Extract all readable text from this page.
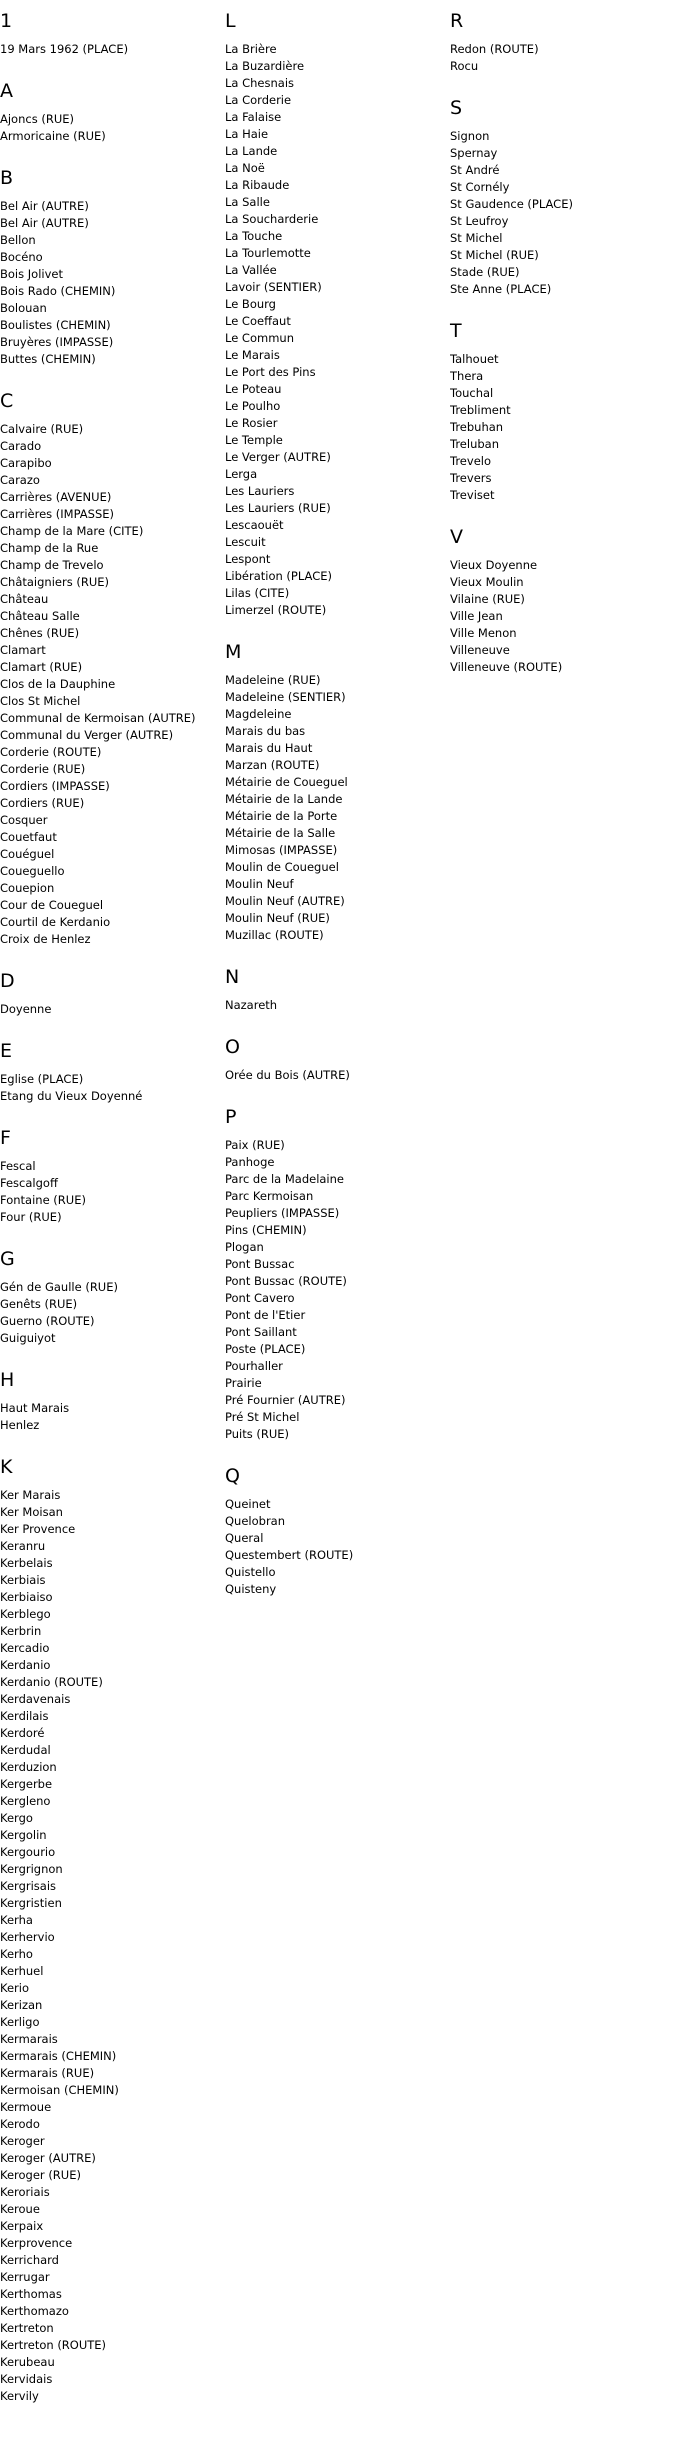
1
19 Mars 1962 (PLACE)
A
Ajoncs (RUE)
Armoricaine (RUE)
B
Bel Air (AUTRE)
Bel Air (AUTRE)
Bellon
Bocéno
Bois Jolivet
Bois Rado (CHEMIN)
Bolouan
Boulistes (CHEMIN)
Bruyères (IMPASSE)
Buttes (CHEMIN)
C
Calvaire (RUE)
Carado
Carapibo
Carazo
Carrières (AVENUE)
Carrières (IMPASSE)
Champ de la Mare (CITE)
Champ de la Rue
Champ de Trevelo
Châtaigniers (RUE)
Château
Château Salle
Chênes (RUE)
Clamart
Clamart (RUE)
Clos de la Dauphine
Clos St Michel
Communal de Kermoisan (AUTRE)
Communal du Verger (AUTRE)
Corderie (ROUTE)
Corderie (RUE)
Cordiers (IMPASSE)
Cordiers (RUE)
Cosquer
Couetfaut
Couéguel
Coueguello
Couepion
Cour de Coueguel
Courtil de Kerdanio
Croix de Henlez
D
Doyenne
E
Eglise (PLACE)
Etang du Vieux Doyenné
F
Fescal
Fescalgoff
Fontaine (RUE)
Four (RUE)
G
Gén de Gaulle (RUE)
Genêts (RUE)
Guerno (ROUTE)
Guiguiyot
H
Haut Marais
Henlez
K
Ker Marais
Ker Moisan
Ker Provence
Keranru
Kerbelais
Kerbiais
Kerbiaiso
Kerblego
Kerbrin
Kercadio
Kerdanio
Kerdanio (ROUTE)
Kerdavenais
Kerdilais
Kerdoré
Kerdudal
Kerduzion
Kergerbe
Kergleno
Kergo
Kergolin
Kergourio
Kergrignon
Kergrisais
Kergristien
Kerha
Kerhervio
Kerho
Kerhuel
Kerio
Kerizan
Kerligo
Kermarais
Kermarais (CHEMIN)
Kermarais (RUE)
Kermoisan (CHEMIN)
Kermoue
Kerodo
Keroger
Keroger (AUTRE)
Keroger (RUE)
Keroriais
Keroue
Kerpaix
Kerprovence
Kerrichard
Kerrugar
Kerthomas
Kerthomazo
Kertreton
Kertreton (ROUTE)
Kerubeau
Kervidais
Kervily
L
La Brière
La Buzardière
La Chesnais
La Corderie
La Falaise
La Haie
La Lande
La Noë
La Ribaude
La Salle
La Soucharderie
La Touche
La Tourlemotte
La Vallée
Lavoir (SENTIER)
Le Bourg
Le Coeffaut
Le Commun
Le Marais
Le Port des Pins
Le Poteau
Le Poulho
Le Rosier
Le Temple
Le Verger (AUTRE)
Lerga
Les Lauriers
Les Lauriers (RUE)
Lescaouët
Lescuit
Lespont
Libération (PLACE)
Lilas (CITE)
Limerzel (ROUTE)
M
Madeleine (RUE)
Madeleine (SENTIER)
Magdeleine
Marais du bas
Marais du Haut
Marzan (ROUTE)
Métairie de Coueguel
Métairie de la Lande
Métairie de la Porte
Métairie de la Salle
Mimosas (IMPASSE)
Moulin de Coueguel
Moulin Neuf
Moulin Neuf (AUTRE)
Moulin Neuf (RUE)
Muzillac (ROUTE)
N
Nazareth
O
Orée du Bois (AUTRE)
P
Paix (RUE)
Panhoge
Parc de la Madelaine
Parc Kermoisan
Peupliers (IMPASSE)
Pins (CHEMIN)
Plogan
Pont Bussac
Pont Bussac (ROUTE)
Pont Cavero
Pont de l'Etier
Pont Saillant
Poste (PLACE)
Pourhaller
Prairie
Pré Fournier (AUTRE)
Pré St Michel
Puits (RUE)
Q
Queinet
Quelobran
Queral
Questembert (ROUTE)
Quistello
Quisteny
R
Redon (ROUTE)
Rocu
S
Signon
Spernay
St André
St Cornély
St Gaudence (PLACE)
St Leufroy
St Michel
St Michel (RUE)
Stade (RUE)
Ste Anne (PLACE)
T
Talhouet
Thera
Touchal
Trebliment
Trebuhan
Treluban
Trevelo
Trevers
Treviset
V
Vieux Doyenne
Vieux Moulin
Vilaine (RUE)
Ville Jean
Ville Menon
Villeneuve
Villeneuve (ROUTE)
